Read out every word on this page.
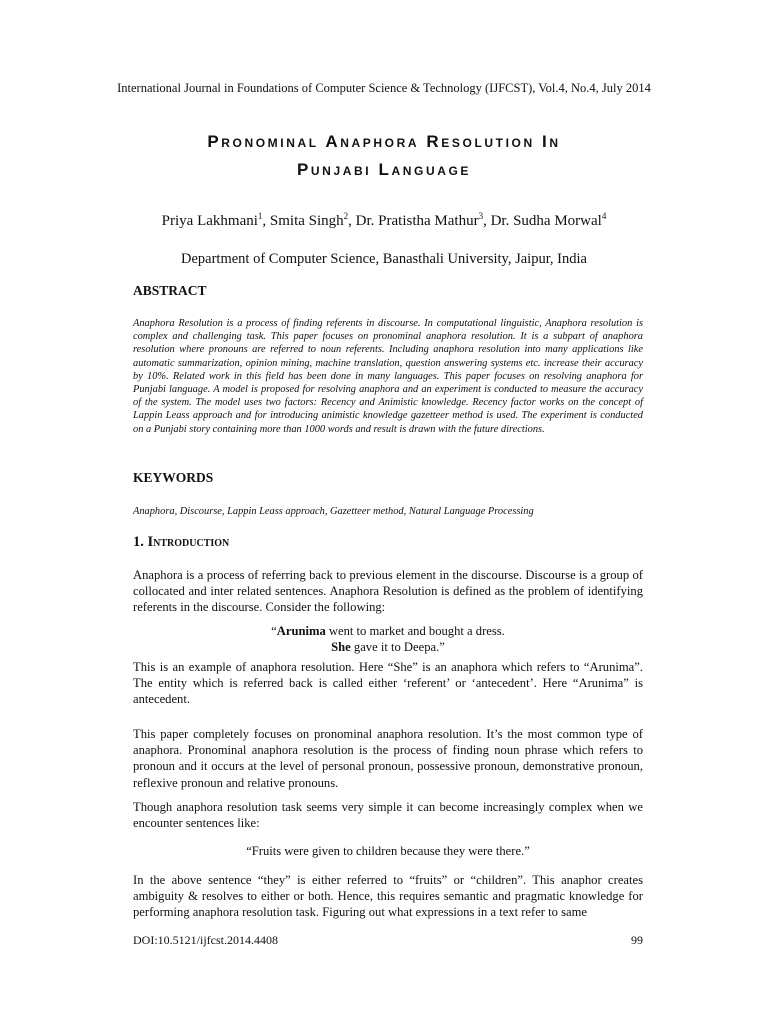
International Journal in Foundations of Computer Science & Technology (IJFCST), Vol.4, No.4, July 2014
Pronominal Anaphora Resolution In
Punjabi Language
Priya Lakhmani$^1$, Smita Singh$^2$, Dr. Pratistha Mathur$^3$, Dr. Sudha Morwal$^4$
Department of Computer Science, Banasthali University, Jaipur, India
ABSTRACT

Anaphora Resolution is a process of finding referents in discourse. In computational linguistic, Anaphora resolution is complex and challenging task. This paper focuses on pronominal anaphora resolution. It is a subpart of anaphora resolution where pronouns are referred to noun referents. Including anaphora resolution into many applications like automatic summarization, opinion mining, machine translation, question answering systems etc. increase their accuracy by 10%. Related work in this field has been done in many languages. This paper focuses on resolving anaphora for Punjabi language. A model is proposed for resolving anaphora and an experiment is conducted to measure the accuracy of the system. The model uses two factors: Recency and Animistic knowledge. Recency factor works on the concept of Lappin Leass approach and for introducing animistic knowledge gazetteer method is used. The experiment is conducted on a Punjabi story containing more than 1000 words and result is drawn with the future directions.

KEYWORDS

Anaphora, Discourse, Lappin Leass approach, Gazetteer method, Natural Language Processing

1. Introduction

Anaphora is a process of referring back to previous element in the discourse. Discourse is a group of collocated and inter related sentences. Anaphora Resolution is defined as the problem of identifying referents in the discourse. Consider the following:

“Arunima went to market and bought a dress.
She gave it to Deepa.”

This is an example of anaphora resolution. Here “She” is an anaphora which refers to “Arunima”. The entity which is referred back is called either ‘referent’ or ‘antecedent’. Here “Arunima” is antecedent.

This paper completely focuses on pronominal anaphora resolution. It’s the most common type of anaphora. Pronominal anaphora resolution is the process of finding noun phrase which refers to pronoun and it occurs at the level of personal pronoun, possessive pronoun, demonstrative pronoun, reflexive pronoun and relative pronouns.

Though anaphora resolution task seems very simple it can become increasingly complex when we encounter sentences like:

“Fruits were given to children because they were there.”

In the above sentence “they” is either referred to “fruits” or “children”. This anaphor creates ambiguity & resolves to either or both. Hence, this requires semantic and pragmatic knowledge for performing anaphora resolution task. Figuring out what expressions in a text refer to same

DOI:10.5121/ijfcst.2014.4408	99
